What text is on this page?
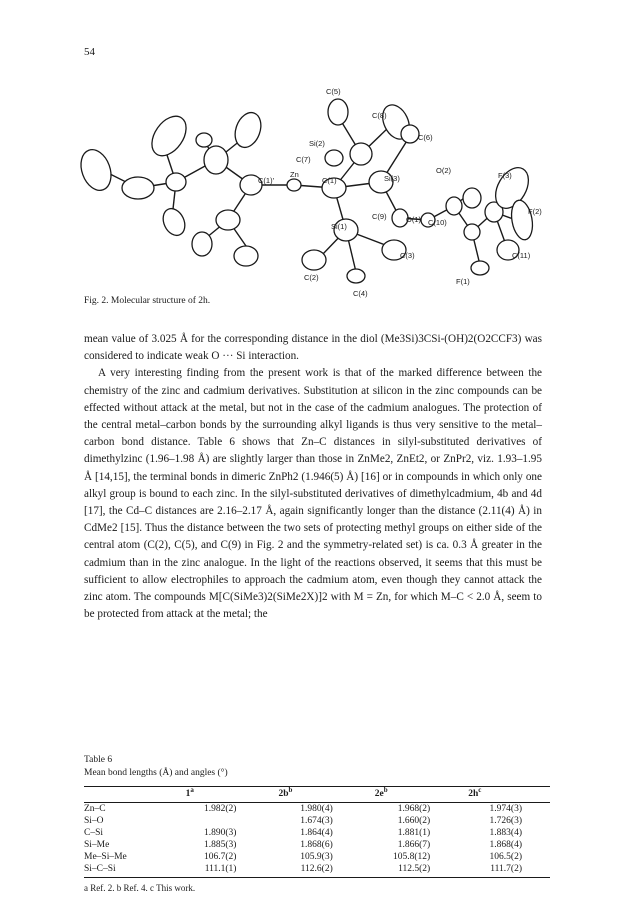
54
C(5)
C(8)
Si(2)
C(6)
C(7)
Zn
C(1)'	C(1)	Si(3)
O(2)
F(3)
C(9)	O(1) C(10)
F(2)
Si(1)
C(3)	C(11)
C(2)	F(1)
C(4)
Fig. 2. Molecular structure of 2h.

mean value of 3.025 Å for the corresponding distance in the diol (Me3Si)3CSi-(OH)2(O2CCF3) was considered to indicate weak O ··· Si interaction.

A very interesting finding from the present work is that of the marked difference between the chemistry of the zinc and cadmium derivatives. Substitution at silicon in the zinc compounds can be effected without attack at the metal, but not in the case of the cadmium analogues. The protection of the central metal–carbon bonds by the surrounding alkyl ligands is thus very sensitive to the metal–carbon bond distance. Table 6 shows that Zn–C distances in silyl-substituted derivatives of dimethylzinc (1.96–1.98 Å) are slightly larger than those in ZnMe2, ZnEt2, or ZnPr2, viz. 1.93–1.95 Å [14,15], the terminal bonds in dimeric ZnPh2 (1.946(5) Å) [16] or in compounds in which only one alkyl group is bound to each zinc. In the silyl-substituted derivatives of dimethylcadmium, 4b and 4d [17], the Cd–C distances are 2.16–2.17 Å, again significantly longer than the distance (2.11(4) Å) in CdMe2 [15]. Thus the distance between the two sets of protecting methyl groups on either side of the central atom (C(2), C(5), and C(9) in Fig. 2 and the symmetry-related set) is ca. 0.3 Å greater in the cadmium than in the zinc analogue. In the light of the reactions observed, it seems that this must be sufficient to allow electrophiles to approach the cadmium atom, even though they cannot attack the zinc atom. The compounds M[C(SiMe3)2(SiMe2X)]2 with M = Zn, for which M–C < 2.0 Å, seem to be protected from attack at the metal; the

Table 6
Mean bond lengths (Å) and angles (°)
	1$^a$	$2b^b$	$2e^b$	$2h^c$
Zn–C	1.982(2)	1.980(4)	1.968(2)	1.974(3)
Si–O		1.674(3)	1.660(2)	1.726(3)
C–Si	1.890(3)	1.864(4)	1.881(1)	1.883(4)
Si–Me	1.885(3)	1.868(6)	1.866(7)	1.868(4)
Me–Si–Me	106.7(2)	105.9(3)	105.8(12)	106.5(2)
Si–C–Si	111.1(1)	112.6(2)	112.5(2)	111.7(2)
a Ref. 2. b Ref. 4. c This work.
